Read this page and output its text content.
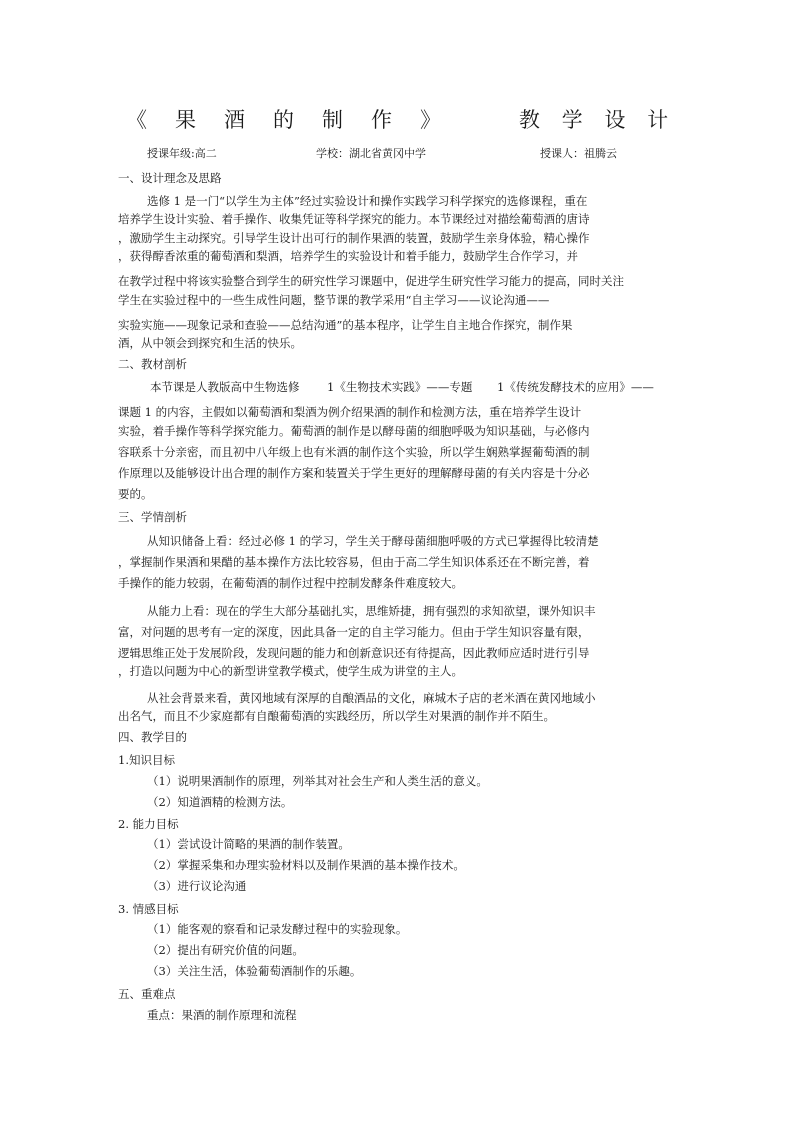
《果酒的制作》 教学设计
授课年级:高二	学校：湖北省黄冈中学	授课人：祖腾云
一、设计理念及思路
选修 1 是一门“以学生为主体”经过实验设计和操作实践学习科学探究的选修课程，重在
培养学生设计实验、着手操作、收集凭证等科学探究的能力。本节课经过对描绘葡萄酒的唐诗
，激励学生主动探究。引导学生设计出可行的制作果酒的装置，鼓励学生亲身体验，精心操作
，获得醇香浓重的葡萄酒和梨酒，培养学生的实验设计和着手能力，鼓励学生合作学习，并
在教学过程中将该实验整合到学生的研究性学习课题中，促进学生研究性学习能力的提高，同时关注
学生在实验过程中的一些生成性问题，整节课的教学采用“自主学习——议论沟通——
实验实施——现象记录和查验——总结沟通”的基本程序，让学生自主地合作探究，制作果
酒，从中领会到探究和生活的快乐。
二、教材剖析
本节课是人教版高中生物选修 1《生物技术实践》——专题 1《传统发酵技术的应用》——
课题 1 的内容，主假如以葡萄酒和梨酒为例介绍果酒的制作和检测方法，重在培养学生设计
实验，着手操作等科学探究能力。葡萄酒的制作是以酵母菌的细胞呼吸为知识基础，与必修内
容联系十分亲密，而且初中八年级上也有米酒的制作这个实验，所以学生娴熟掌握葡萄酒的制
作原理以及能够设计出合理的制作方案和装置关于学生更好的理解酵母菌的有关内容是十分必
要的。
三、学情剖析
从知识储备上看：经过必修 1 的学习，学生关于酵母菌细胞呼吸的方式已掌握得比较清楚
，掌握制作果酒和果醋的基本操作方法比较容易，但由于高二学生知识体系还在不断完善，着
手操作的能力较弱，在葡萄酒的制作过程中控制发酵条件难度较大。
从能力上看：现在的学生大部分基础扎实，思维矫捷，拥有强烈的求知欲望，课外知识丰
富，对问题的思考有一定的深度，因此具备一定的自主学习能力。但由于学生知识容量有限，
逻辑思维正处于发展阶段，发现问题的能力和创新意识还有待提高，因此教师应适时进行引导
，打造以问题为中心的新型讲堂教学模式，使学生成为讲堂的主人。
从社会背景来看，黄冈地域有深厚的自酿酒品的文化，麻城木子店的老米酒在黄冈地域小
出名气，而且不少家庭都有自酿葡萄酒的实践经历，所以学生对果酒的制作并不陌生。
四、教学目的
1.知识目标
（1）说明果酒制作的原理，列举其对社会生产和人类生活的意义。
（2）知道酒精的检测方法。
2. 能力目标
（1）尝试设计简略的果酒的制作装置。
（2）掌握采集和办理实验材料以及制作果酒的基本操作技术。
（3）进行议论沟通
3. 情感目标
（1）能客观的察看和记录发酵过程中的实验现象。
（2）提出有研究价值的问题。
（3）关注生活，体验葡萄酒制作的乐趣。
五、重难点
重点：果酒的制作原理和流程
